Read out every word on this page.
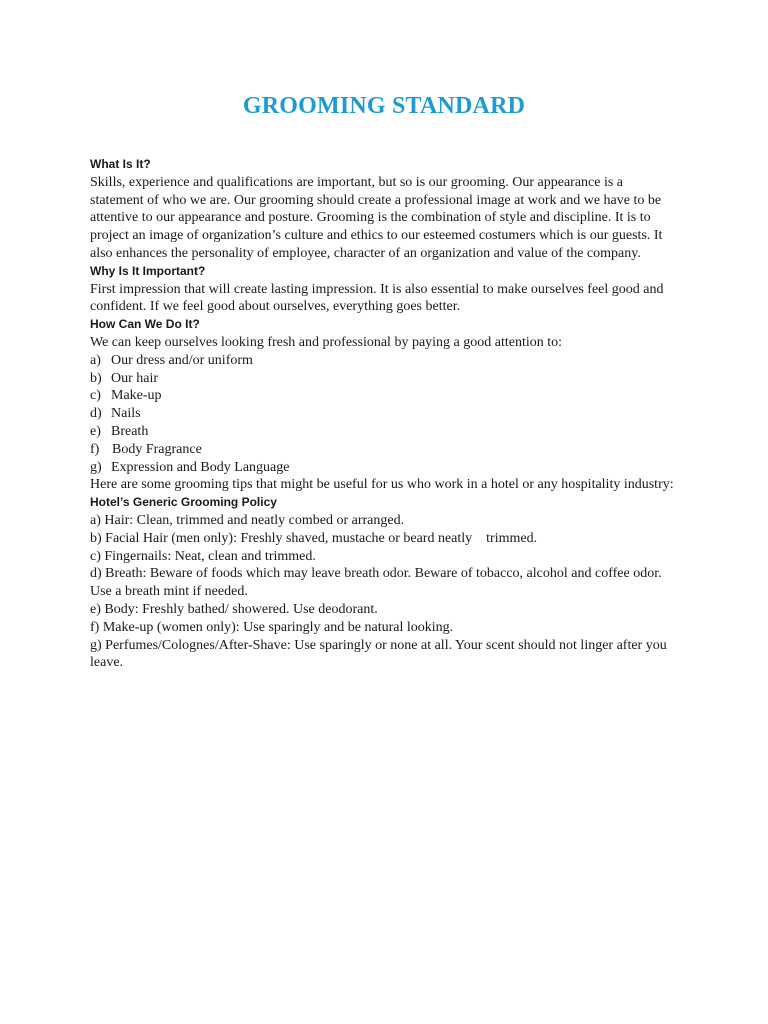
GROOMING STANDARD
What Is It?

Skills, experience and qualifications are important, but so is our grooming. Our appearance is a statement of who we are. Our grooming should create a professional image at work and we have to be attentive to our appearance and posture. Grooming is the combination of style and discipline. It is to project an image of organization’s culture and ethics to our esteemed costumers which is our guests. It also enhances the personality of employee, character of an organization and value of the company.

Why Is It Important?

First impression that will create lasting impression. It is also essential to make ourselves feel good and confident. If we feel good about ourselves, everything goes better.

How Can We Do It?

We can keep ourselves looking fresh and professional by paying a good attention to:

a) Our dress and/or uniform
b) Our hair
c) Make-up
d) Nails
e) Breath
f) Body Fragrance
g) Expression and Body Language

Here are some grooming tips that might be useful for us who work in a hotel or any hospitality industry:

Hotel’s Generic Grooming Policy

a) Hair: Clean, trimmed and neatly combed or arranged.

b) Facial Hair (men only): Freshly shaved, mustache or beard neatly    trimmed.

c) Fingernails: Neat, clean and trimmed.

d) Breath: Beware of foods which may leave breath odor. Beware of tobacco, alcohol and coffee odor. Use a breath mint if needed.

e) Body: Freshly bathed/ showered. Use deodorant.

f) Make-up (women only): Use sparingly and be natural looking.

g) Perfumes/Colognes/After-Shave: Use sparingly or none at all. Your scent should not linger after you leave.
